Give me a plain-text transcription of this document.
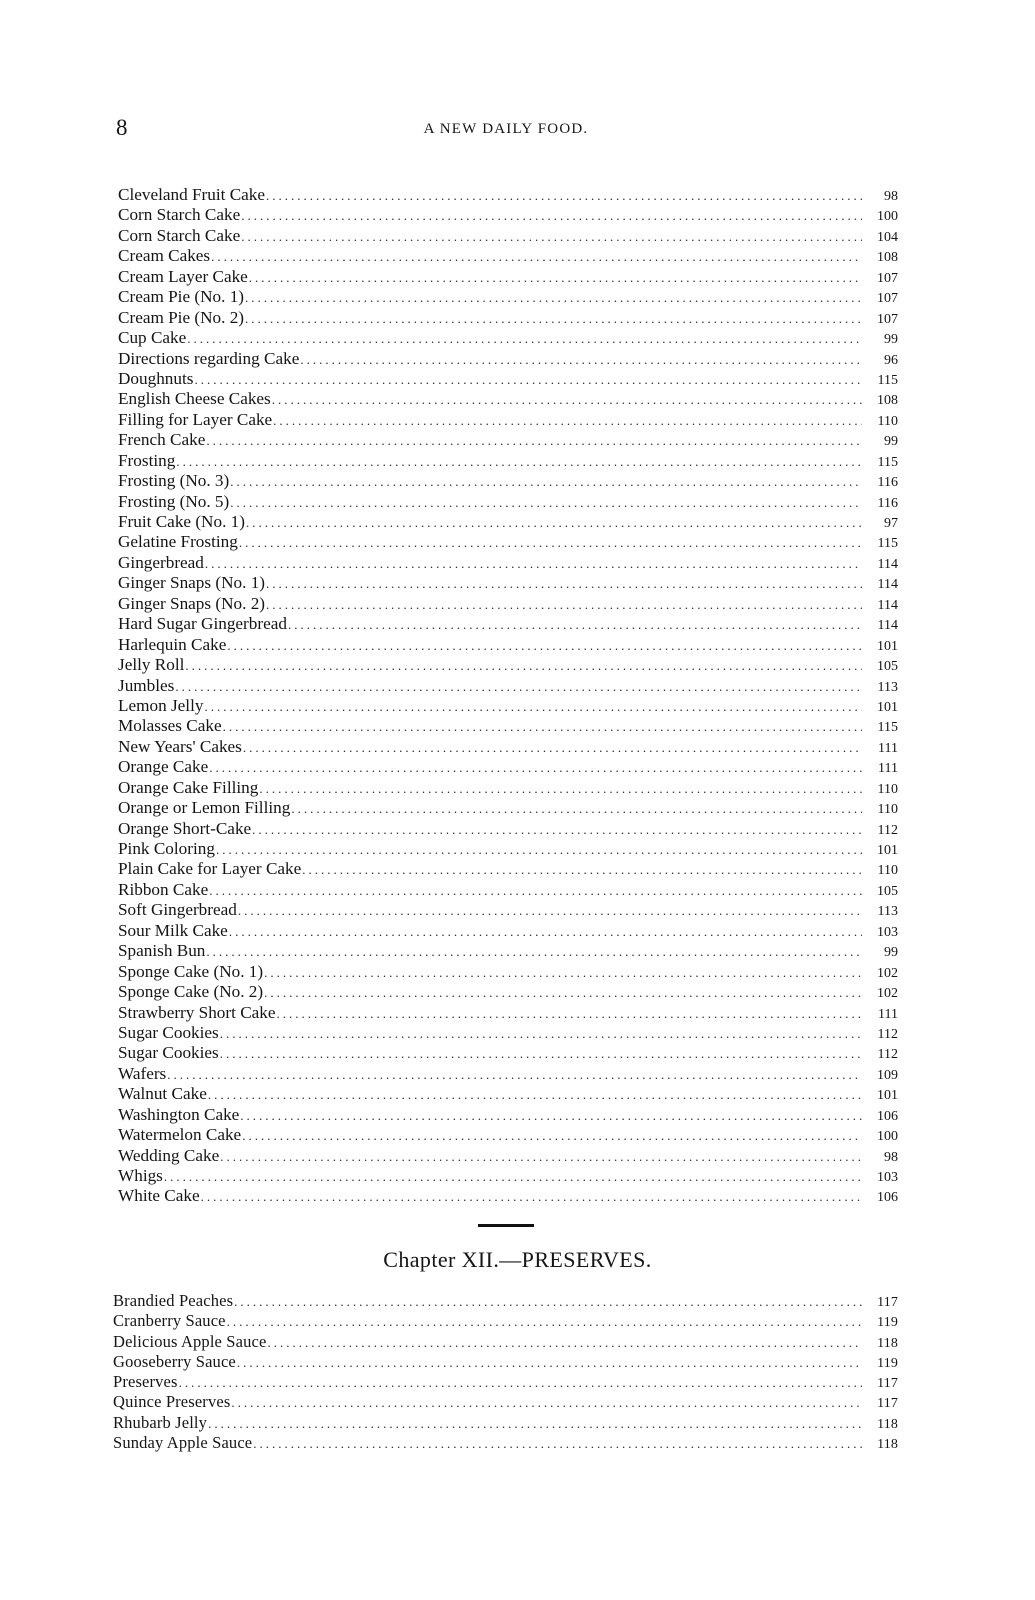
8	A NEW DAILY FOOD.
Cleveland Fruit Cake .....	98
Corn Starch Cake .....	100
Corn Starch Cake .....	104
Cream Cakes .....	108
Cream Layer Cake .....	107
Cream Pie (No. 1) .....	107
Cream Pie (No. 2) .....	107
Cup Cake .....	99
Directions regarding Cake .....	96
Doughnuts .....	115
English Cheese Cakes .....	108
Filling for Layer Cake .....	110
French Cake .....	99
Frosting .....	115
Frosting (No. 3) .....	116
Frosting (No. 5) .....	116
Fruit Cake (No. 1) .....	97
Gelatine Frosting .....	115
Gingerbread .....	114
Ginger Snaps (No. 1) .....	114
Ginger Snaps (No. 2) .....	114
Hard Sugar Gingerbread .....	114
Harlequin Cake .....	101
Jelly Roll .....	105
Jumbles .....	113
Lemon Jelly .....	101
Molasses Cake .....	115
New Years' Cakes .....	111
Orange Cake .....	111
Orange Cake Filling .....	110
Orange or Lemon Filling .....	110
Orange Short-Cake .....	112
Pink Coloring .....	101
Plain Cake for Layer Cake .....	110
Ribbon Cake .....	105
Soft Gingerbread .....	113
Sour Milk Cake .....	103
Spanish Bun .....	99
Sponge Cake (No. 1) .....	102
Sponge Cake (No. 2) .....	102
Strawberry Short Cake .....	111
Sugar Cookies .....	112
Sugar Cookies .....	112
Wafers .....	109
Walnut Cake .....	101
Washington Cake .....	106
Watermelon Cake .....	100
Wedding Cake .....	98
Whigs .....	103
White Cake .....	106
Chapter XII.—PRESERVES.
Brandied Peaches .....	117
Cranberry Sauce .....	119
Delicious Apple Sauce .....	118
Gooseberry Sauce .....	119
Preserves .....	117
Quince Preserves .....	117
Rhubarb Jelly .....	118
Sunday Apple Sauce .....	118
